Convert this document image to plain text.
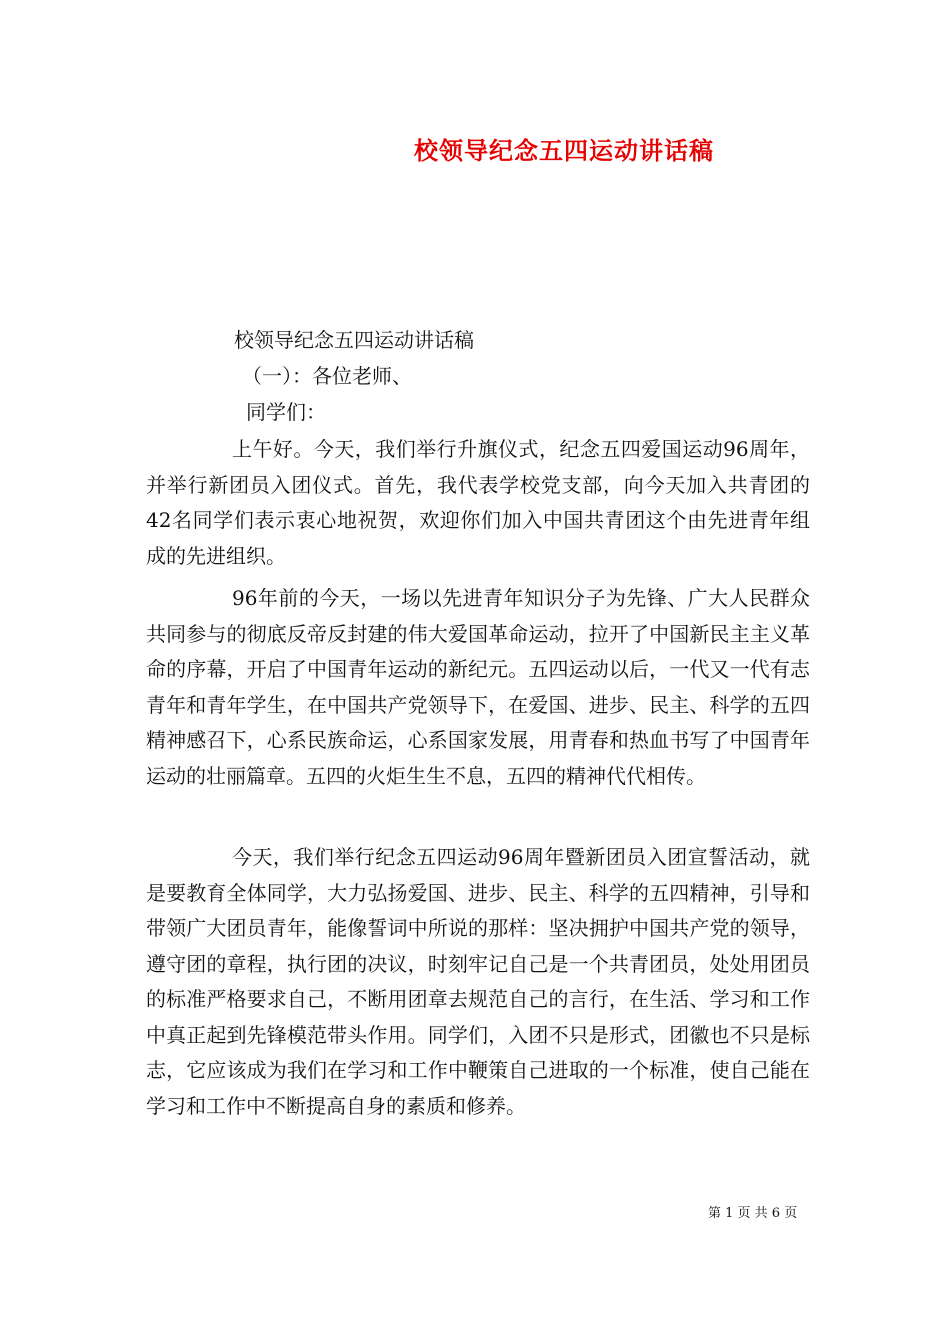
校领导纪念五四运动讲话稿

校领导纪念五四运动讲话稿

（一）：各位老师、

同学们：

上午好。今天，我们举行升旗仪式，纪念五四爱国运动96周年，并举行新团员入团仪式。首先，我代表学校党支部，向今天加入共青团的42名同学们表示衷心地祝贺，欢迎你们加入中国共青团这个由先进青年组成的先进组织。

96年前的今天，一场以先进青年知识分子为先锋、广大人民群众共同参与的彻底反帝反封建的伟大爱国革命运动，拉开了中国新民主主义革命的序幕，开启了中国青年运动的新纪元。五四运动以后，一代又一代有志青年和青年学生，在中国共产党领导下，在爱国、进步、民主、科学的五四精神感召下，心系民族命运，心系国家发展，用青春和热血书写了中国青年运动的壮丽篇章。五四的火炬生生不息，五四的精神代代相传。

今天，我们举行纪念五四运动96周年暨新团员入团宣誓活动，就是要教育全体同学，大力弘扬爱国、进步、民主、科学的五四精神，引导和带领广大团员青年，能像誓词中所说的那样：坚决拥护中国共产党的领导，遵守团的章程，执行团的决议，时刻牢记自己是一个共青团员，处处用团员的标准严格要求自己，不断用团章去规范自己的言行，在生活、学习和工作中真正起到先锋模范带头作用。同学们，入团不只是形式，团徽也不只是标志，它应该成为我们在学习和工作中鞭策自己进取的一个标准，使自己能在学习和工作中不断提高自身的素质和修养。

第 1 页 共 6 页
